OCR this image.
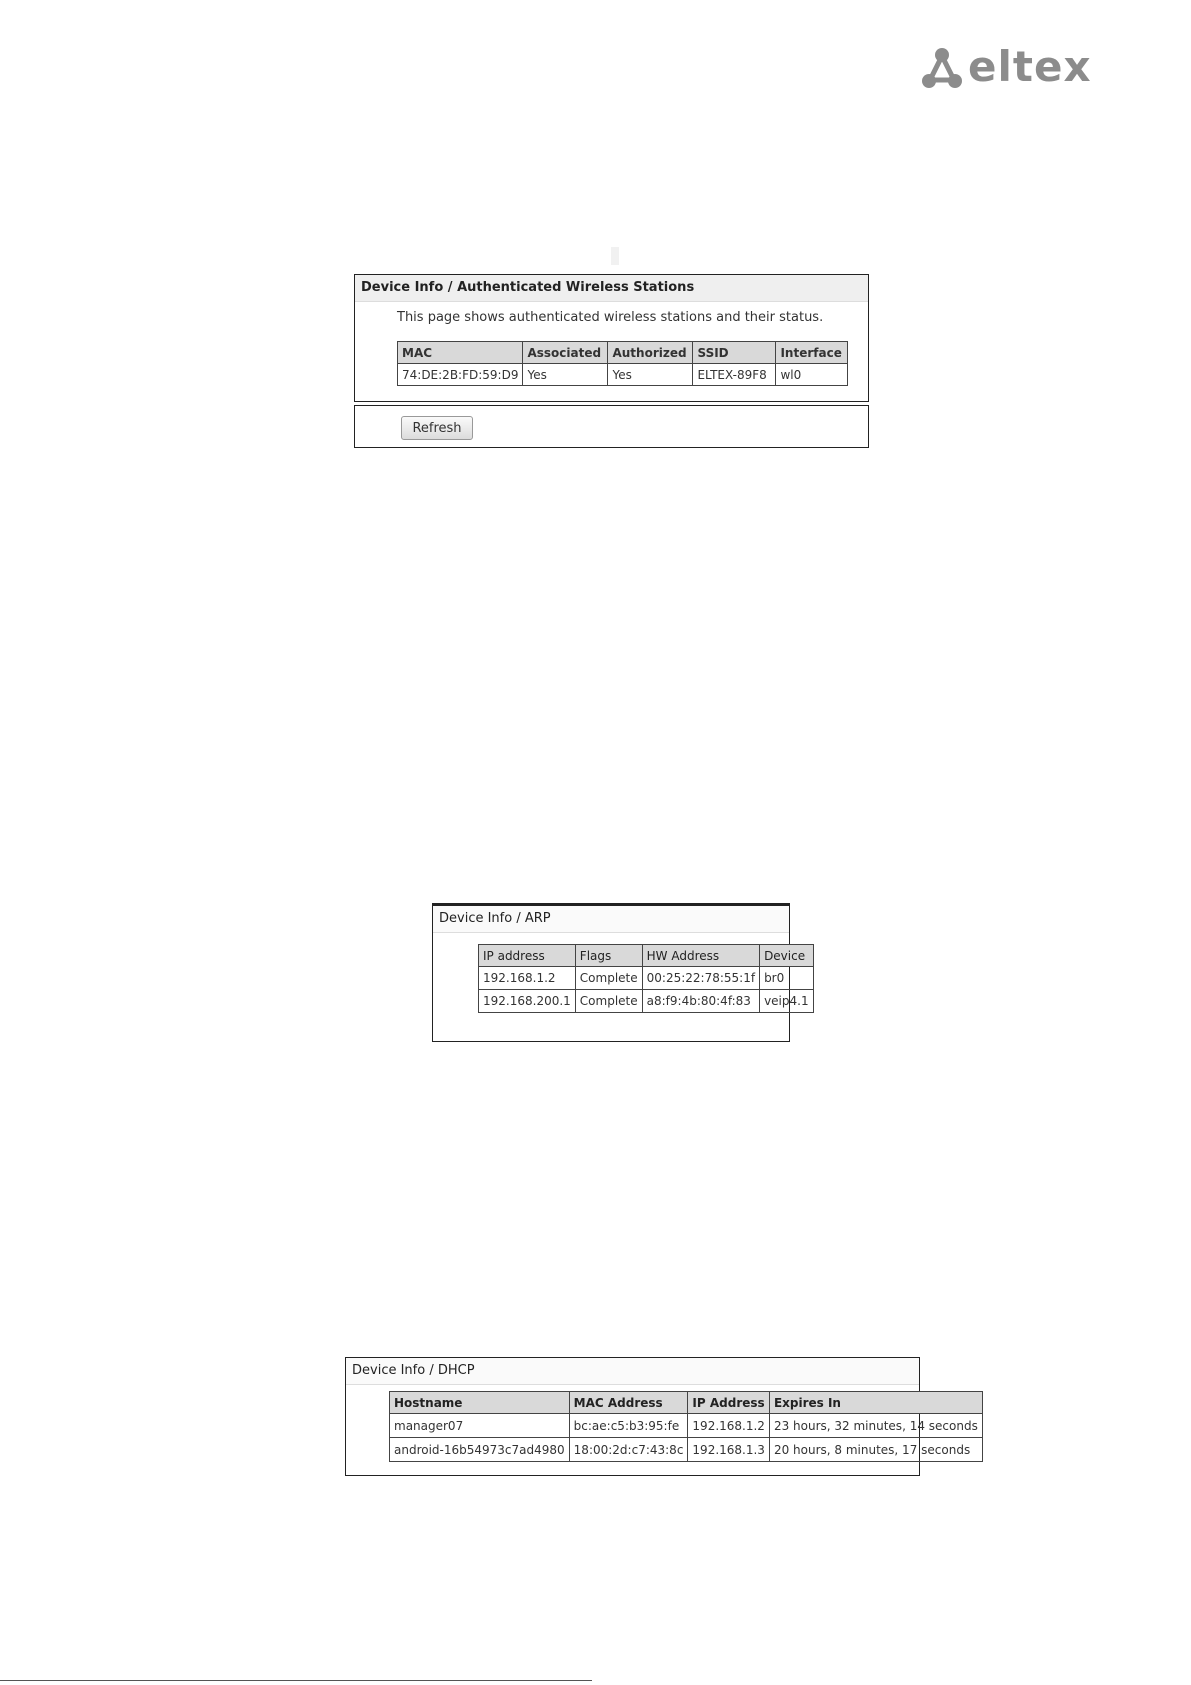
eltex
Device Info / Authenticated Wireless Stations
This page shows authenticated wireless stations and their status.
MAC	Associated	Authorized	SSID	Interface
74:DE:2B:FD:59:D9	Yes	Yes	ELTEX-89F8	wl0
Refresh
Device Info / ARP
IP address	Flags	HW Address	Device
192.168.1.2	Complete	00:25:22:78:55:1f	br0
192.168.200.1	Complete	a8:f9:4b:80:4f:83	veip4.1
Device Info / DHCP
Hostname	MAC Address	IP Address	Expires In
manager07	bc:ae:c5:b3:95:fe	192.168.1.2	23 hours, 32 minutes, 14 seconds
android-16b54973c7ad4980	18:00:2d:c7:43:8c	192.168.1.3	20 hours, 8 minutes, 17 seconds
